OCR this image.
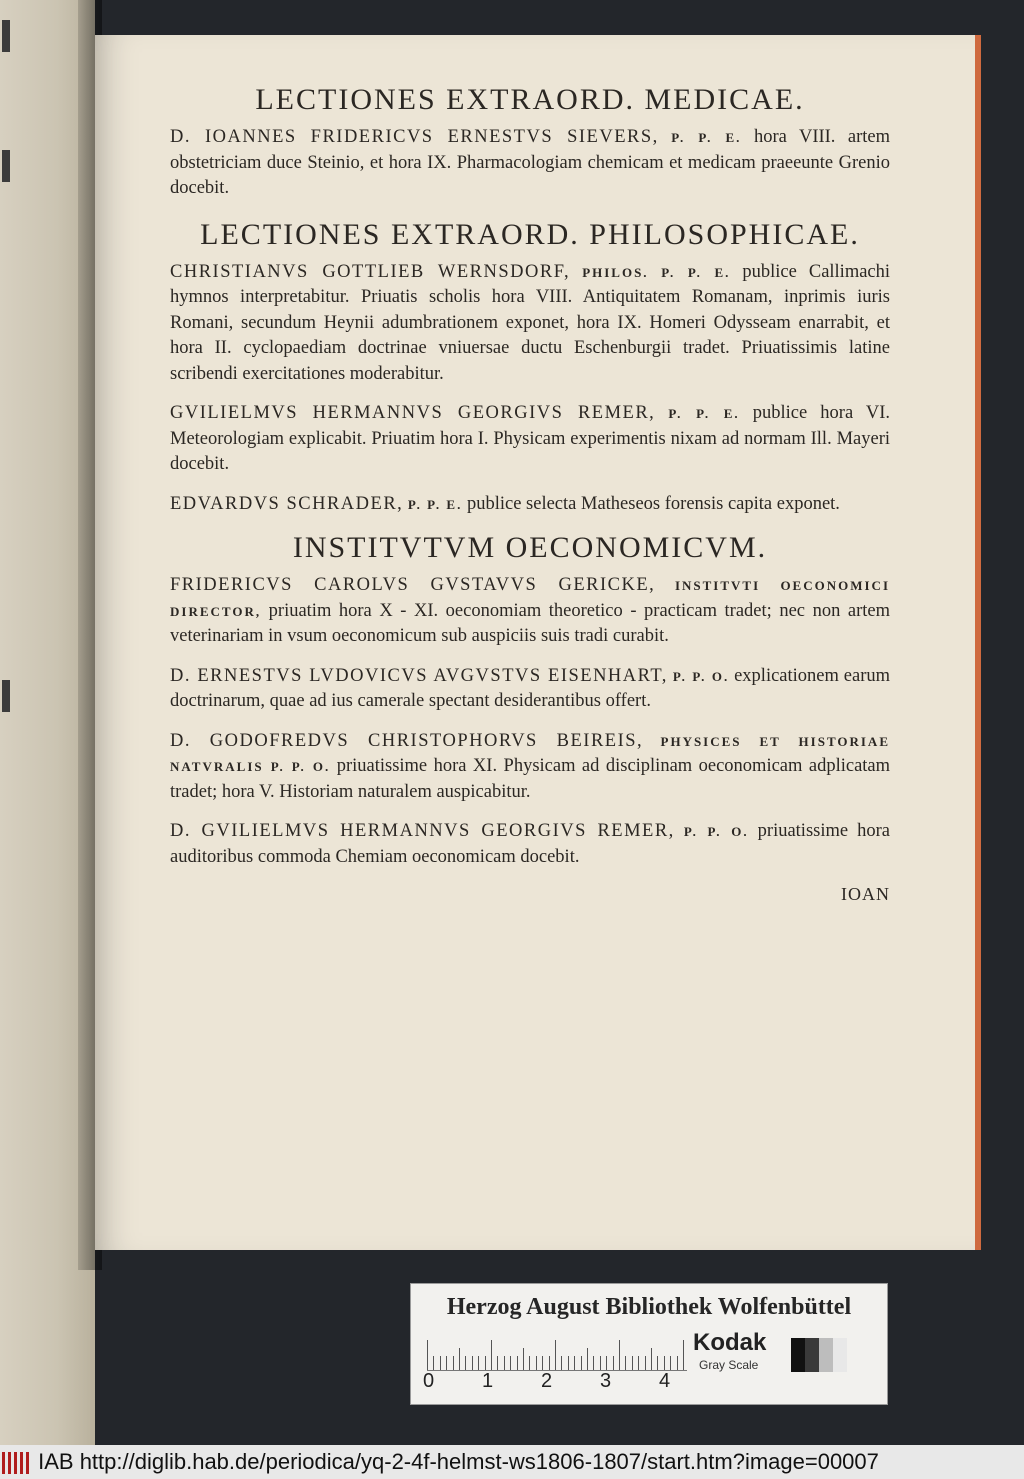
LECTIONES EXTRAORD. MEDICAE.

D. IOANNES FRIDERICVS ERNESTVS SIEVERS, P. P. E. hora VIII. artem obstetriciam duce Steinio, et hora IX. Pharmacologiam chemicam et medicam praeeunte Grenio docebit.

LECTIONES EXTRAORD. PHILOSOPHICAE.

CHRISTIANVS GOTTLIEB WERNSDORF, PHILOS. P. P. E. publice Callimachi hymnos interpretabitur. Priuatis scholis hora VIII. Antiquitatem Romanam, inprimis iuris Romani, secundum Heynii adumbrationem exponet, hora IX. Homeri Odysseam enarrabit, et hora II. cyclopaediam doctrinae vniuersae ductu Eschenburgii tradet. Priuatissimis latine scribendi exercitationes moderabitur.

GVILIELMVS HERMANNVS GEORGIVS REMER, P. P. E. publice hora VI. Meteorologiam explicabit. Priuatim hora I. Physicam experimentis nixam ad normam Ill. Mayeri docebit.

EDVARDVS SCHRADER, P. P. E. publice selecta Matheseos forensis capita exponet.

INSTITVTVM OECONOMICVM.

FRIDERICVS CAROLVS GVSTAVVS GERICKE, INSTITVTI OECONOMICI DIRECTOR, priuatim hora X - XI. oeconomiam theoretico - practicam tradet; nec non artem veterinariam in vsum oeconomicum sub auspiciis suis tradi curabit.

D. ERNESTVS LVDOVICVS AVGVSTVS EISENHART, P. P. O. explicationem earum doctrinarum, quae ad ius camerale spectant desiderantibus offert.

D. GODOFREDVS CHRISTOPHORVS BEIREIS, PHYSICES ET HISTORIAE NATVRALIS P. P. O. priuatissime hora XI. Physicam ad disciplinam oeconomicam adplicatam tradet; hora V. Historiam naturalem auspicabitur.

D. GVILIELMVS HERMANNVS GEORGIVS REMER, P. P. O. priuatissime hora auditoribus commoda Chemiam oeconomicam docebit.

IOAN
Herzog August Bibliothek Wolfenbüttel
0 1 2 3 4
Kodak
Gray Scale
IAB http://diglib.hab.de/periodica/yq-2-4f-helmst-ws1806-1807/start.htm?image=00007
